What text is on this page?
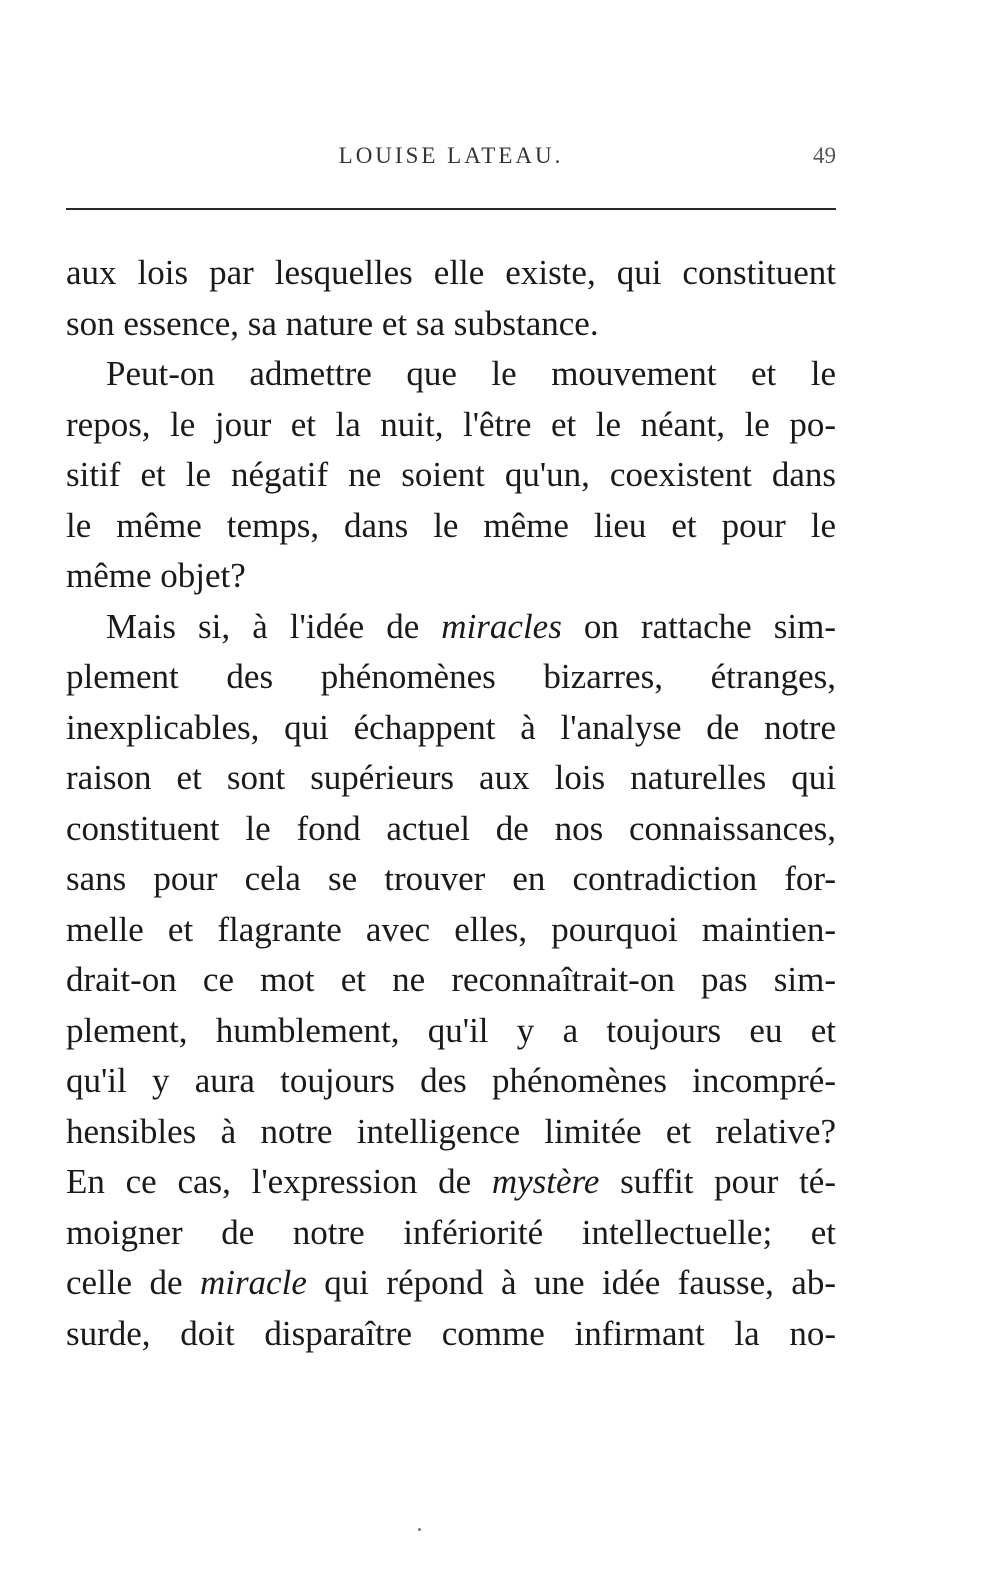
LOUISE LATEAU.	49
aux lois par lesquelles elle existe, qui constituent
son essence, sa nature et sa substance.
Peut-on admettre que le mouvement et le
repos, le jour et la nuit, l'être et le néant, le po-
sitif et le négatif ne soient qu'un, coexistent dans
le même temps, dans le même lieu et pour le
même objet?
Mais si, à l'idée de miracles on rattache sim-
plement des phénomènes bizarres, étranges,
inexplicables, qui échappent à l'analyse de notre
raison et sont supérieurs aux lois naturelles qui
constituent le fond actuel de nos connaissances,
sans pour cela se trouver en contradiction for-
melle et flagrante avec elles, pourquoi maintien-
drait-on ce mot et ne reconnaîtrait-on pas sim-
plement, humblement, qu'il y a toujours eu et
qu'il y aura toujours des phénomènes incompré-
hensibles à notre intelligence limitée et relative?
En ce cas, l'expression de mystère suffit pour té-
moigner de notre infériorité intellectuelle; et
celle de miracle qui répond à une idée fausse, ab-
surde, doit disparaître comme infirmant la no-
